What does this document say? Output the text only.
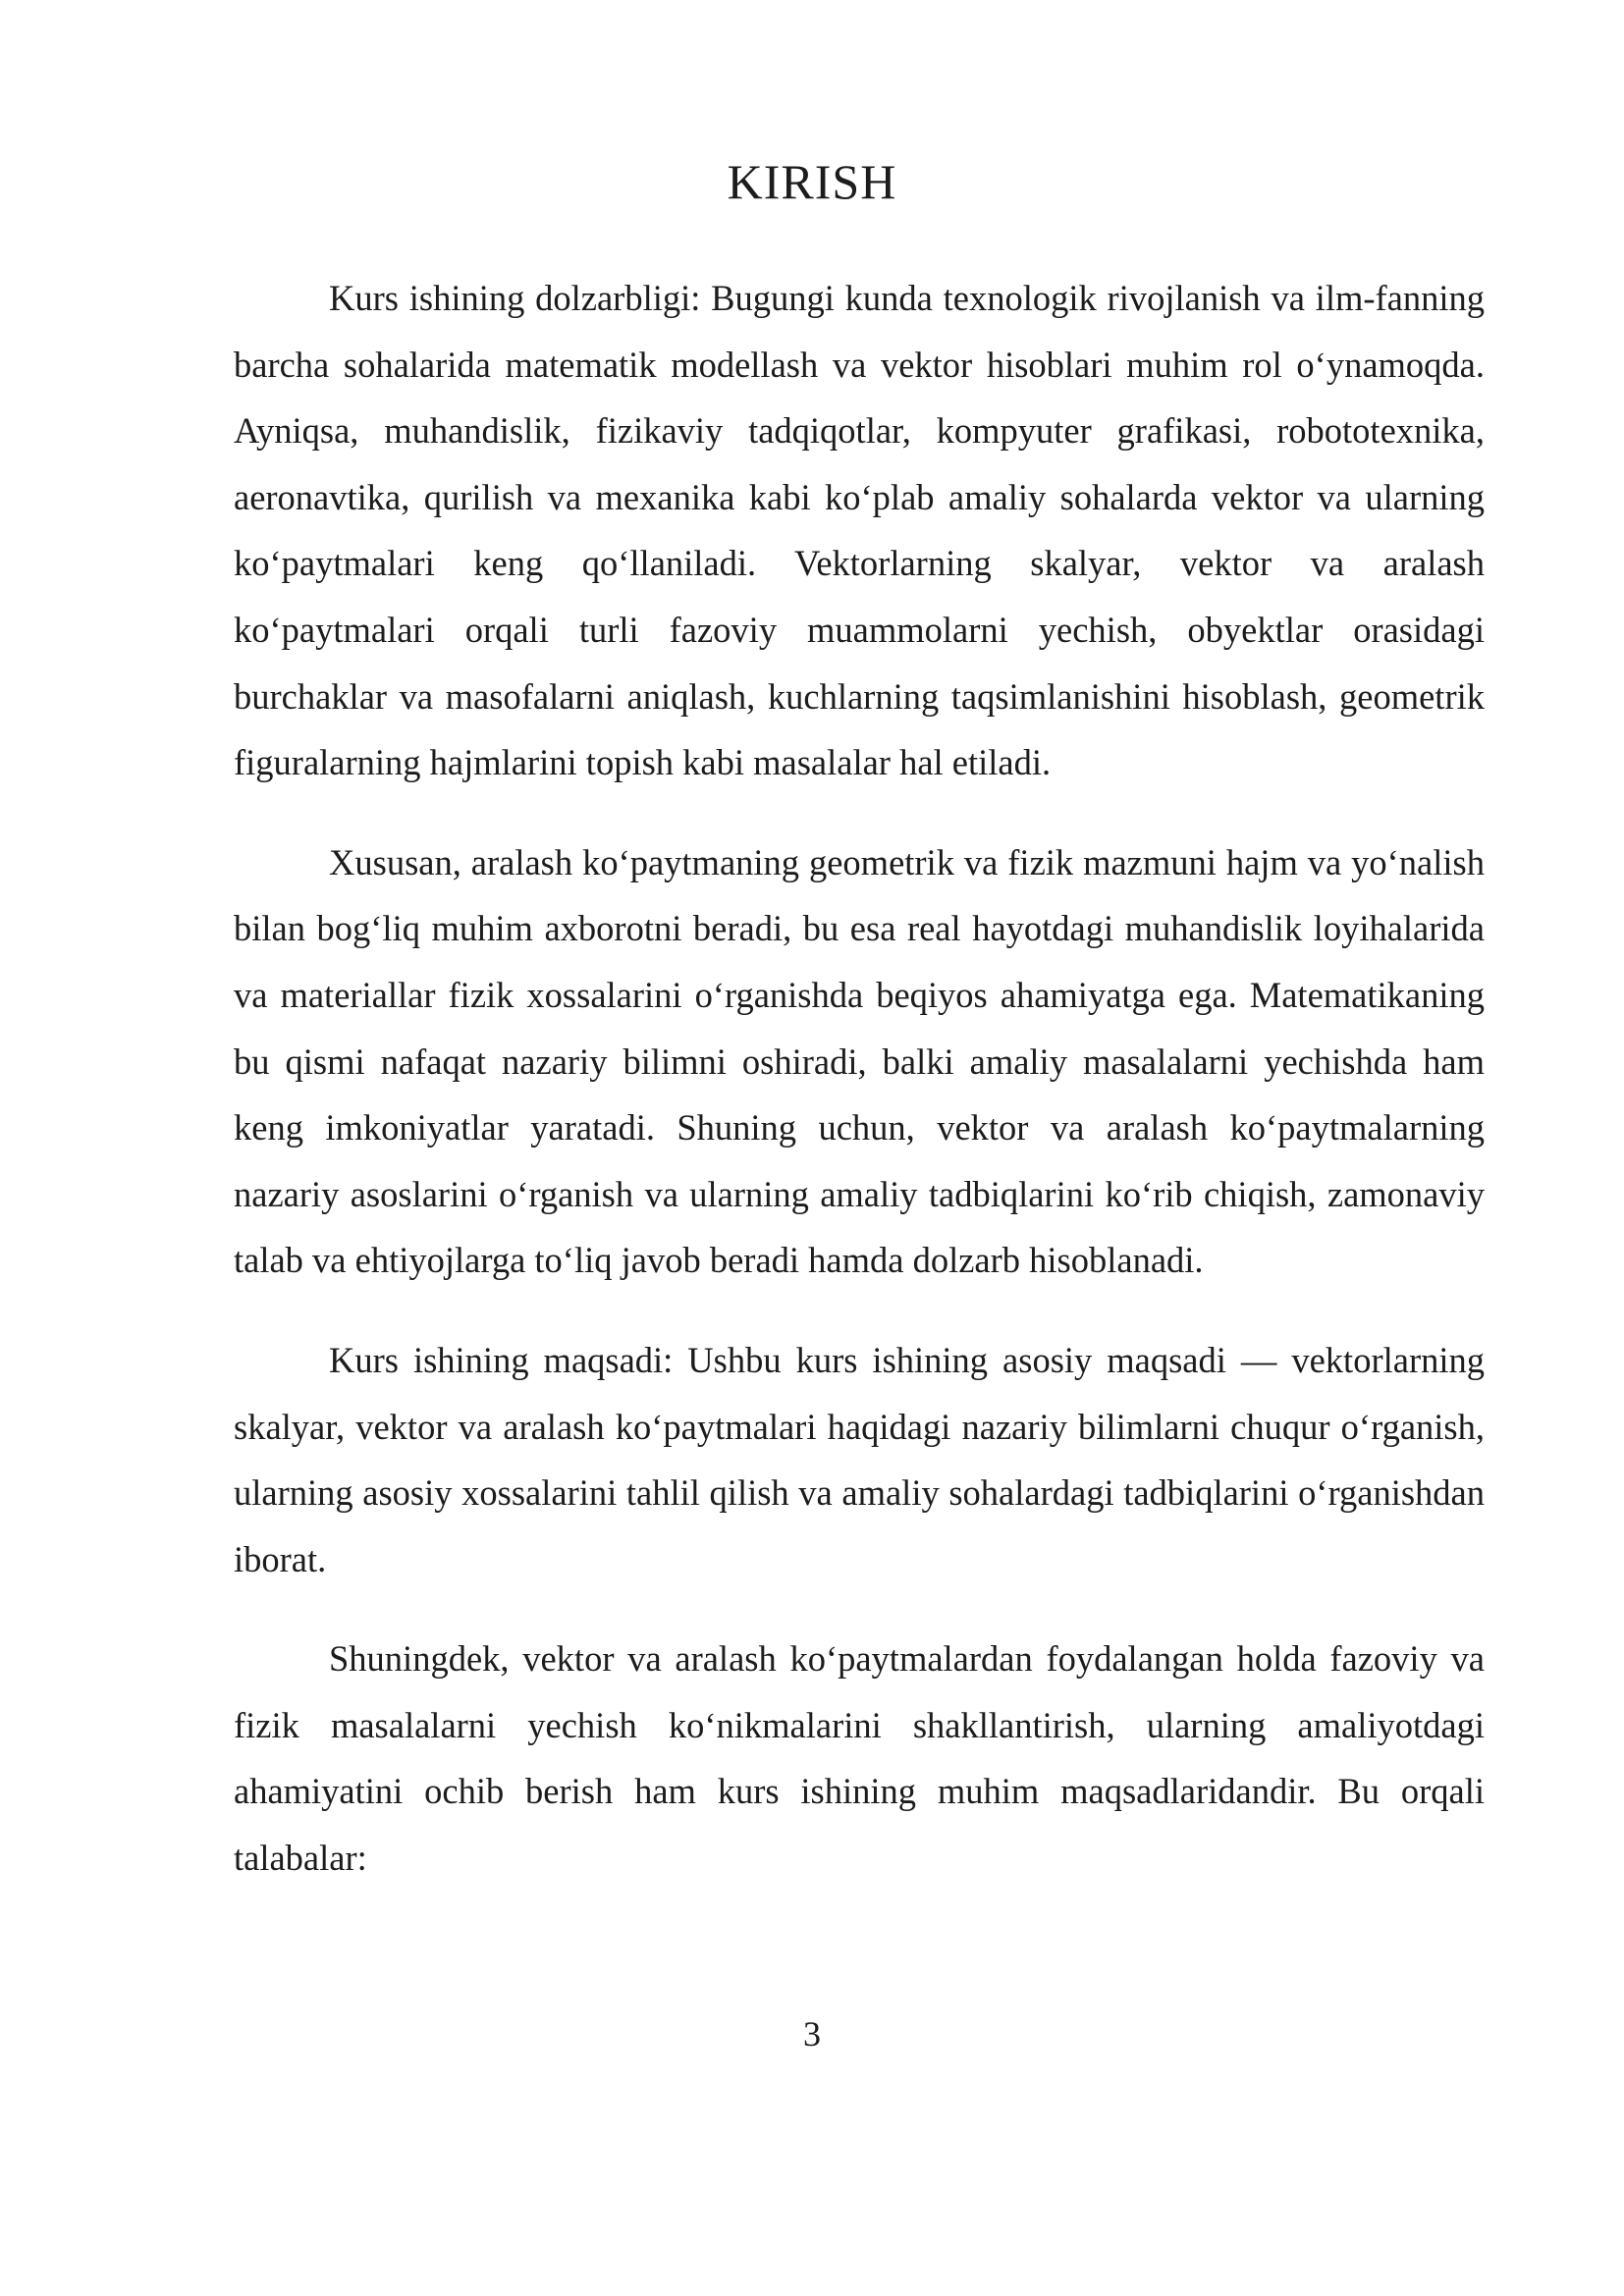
KIRISH

Kurs ishining dolzarbligi: Bugungi kunda texnologik rivojlanish va ilm-fanning barcha sohalarida matematik modellash va vektor hisoblari muhim rol o‘ynamoqda. Ayniqsa, muhandislik, fizikaviy tadqiqotlar, kompyuter grafikasi, robototexnika, aeronavtika, qurilish va mexanika kabi ko‘plab amaliy sohalarda vektor va ularning ko‘paytmalari keng qo‘llaniladi. Vektorlarning skalyar, vektor va aralash ko‘paytmalari orqali turli fazoviy muammolarni yechish, obyektlar orasidagi burchaklar va masofalarni aniqlash, kuchlarning taqsimlanishini hisoblash, geometrik figuralarning hajmlarini topish kabi masalalar hal etiladi.

Xususan, aralash ko‘paytmaning geometrik va fizik mazmuni hajm va yo‘nalish bilan bog‘liq muhim axborotni beradi, bu esa real hayotdagi muhandislik loyihalarida va materiallar fizik xossalarini o‘rganishda beqiyos ahamiyatga ega. Matematikaning bu qismi nafaqat nazariy bilimni oshiradi, balki amaliy masalalarni yechishda ham keng imkoniyatlar yaratadi. Shuning uchun, vektor va aralash ko‘paytmalarning nazariy asoslarini o‘rganish va ularning amaliy tadbiqlarini ko‘rib chiqish, zamonaviy talab va ehtiyojlarga to‘liq javob beradi hamda dolzarb hisoblanadi.

Kurs ishining maqsadi: Ushbu kurs ishining asosiy maqsadi — vektorlarning skalyar, vektor va aralash ko‘paytmalari haqidagi nazariy bilimlarni chuqur o‘rganish, ularning asosiy xossalarini tahlil qilish va amaliy sohalardagi tadbiqlarini o‘rganishdan iborat.

Shuningdek, vektor va aralash ko‘paytmalardan foydalangan holda fazoviy va fizik masalalarni yechish ko‘nikmalarini shakllantirish, ularning amaliyotdagi ahamiyatini ochib berish ham kurs ishining muhim maqsadlaridandir. Bu orqali talabalar:

3
